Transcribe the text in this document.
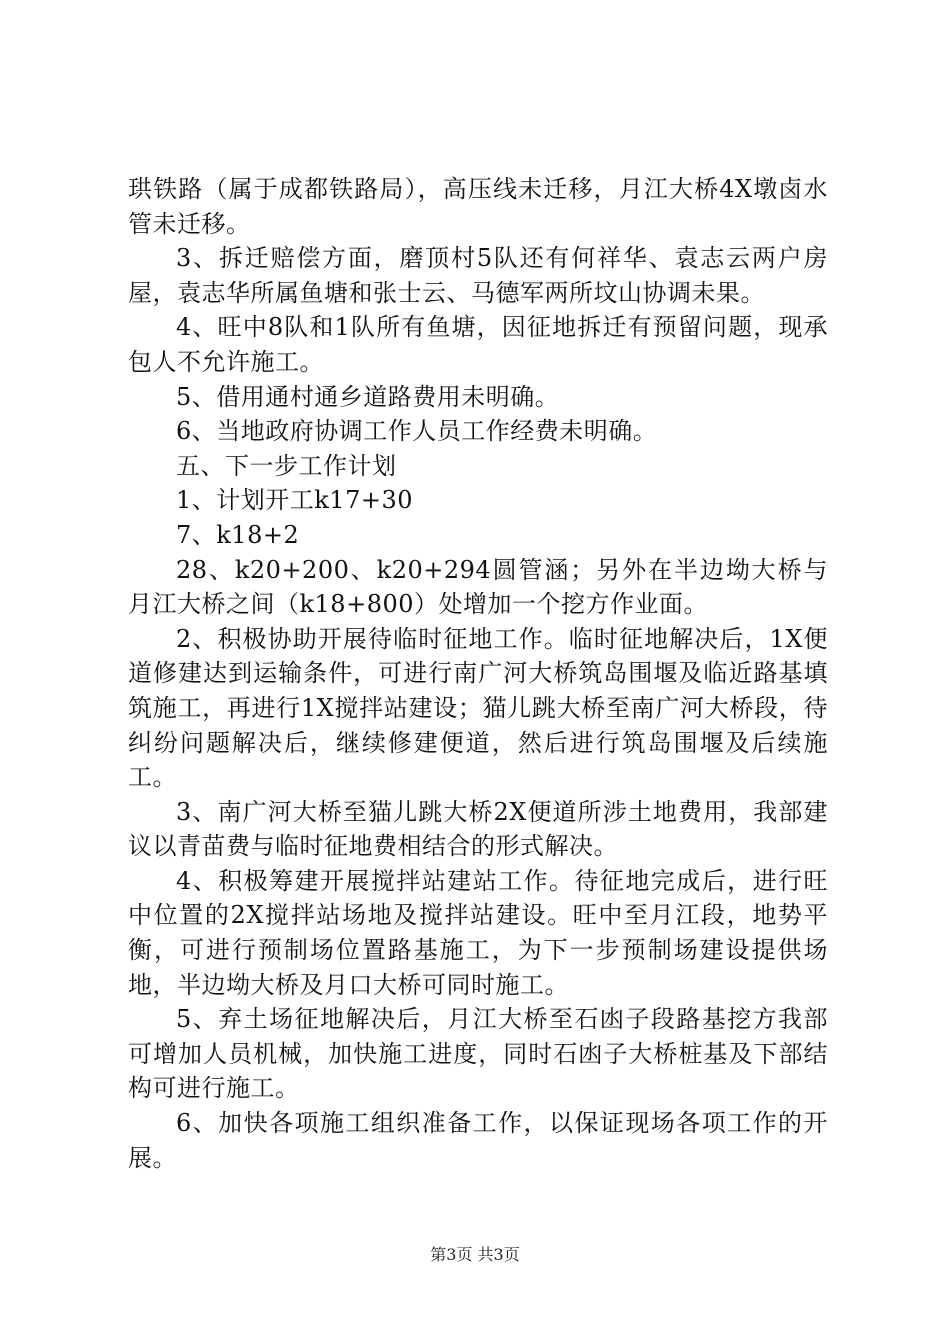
珙铁路（属于成都铁路局），高压线未迁移，月江大桥4X墩卤水管未迁移。

3、拆迁赔偿方面，磨顶村5队还有何祥华、袁志云两户房屋，袁志华所属鱼塘和张士云、马德军两所坟山协调未果。

4、旺中8队和1队所有鱼塘，因征地拆迁有预留问题，现承包人不允许施工。

5、借用通村通乡道路费用未明确。

6、当地政府协调工作人员工作经费未明确。

五、下一步工作计划

1、计划开工k17+30

7、k18+2

28、k20+200、k20+294圆管涵；另外在半边坳大桥与月江大桥之间（k18+800）处增加一个挖方作业面。

2、积极协助开展待临时征地工作。临时征地解决后，1X便道修建达到运输条件，可进行南广河大桥筑岛围堰及临近路基填筑施工，再进行1X搅拌站建设；猫儿跳大桥至南广河大桥段，待纠纷问题解决后，继续修建便道，然后进行筑岛围堰及后续施工。

3、南广河大桥至猫儿跳大桥2X便道所涉土地费用，我部建议以青苗费与临时征地费相结合的形式解决。

4、积极筹建开展搅拌站建站工作。待征地完成后，进行旺中位置的2X搅拌站场地及搅拌站建设。旺中至月江段，地势平衡，可进行预制场位置路基施工，为下一步预制场建设提供场地，半边坳大桥及月口大桥可同时施工。

5、弃土场征地解决后，月江大桥至石凼子段路基挖方我部可增加人员机械，加快施工进度，同时石凼子大桥桩基及下部结构可进行施工。

6、加快各项施工组织准备工作，以保证现场各项工作的开展。

第3页 共3页
